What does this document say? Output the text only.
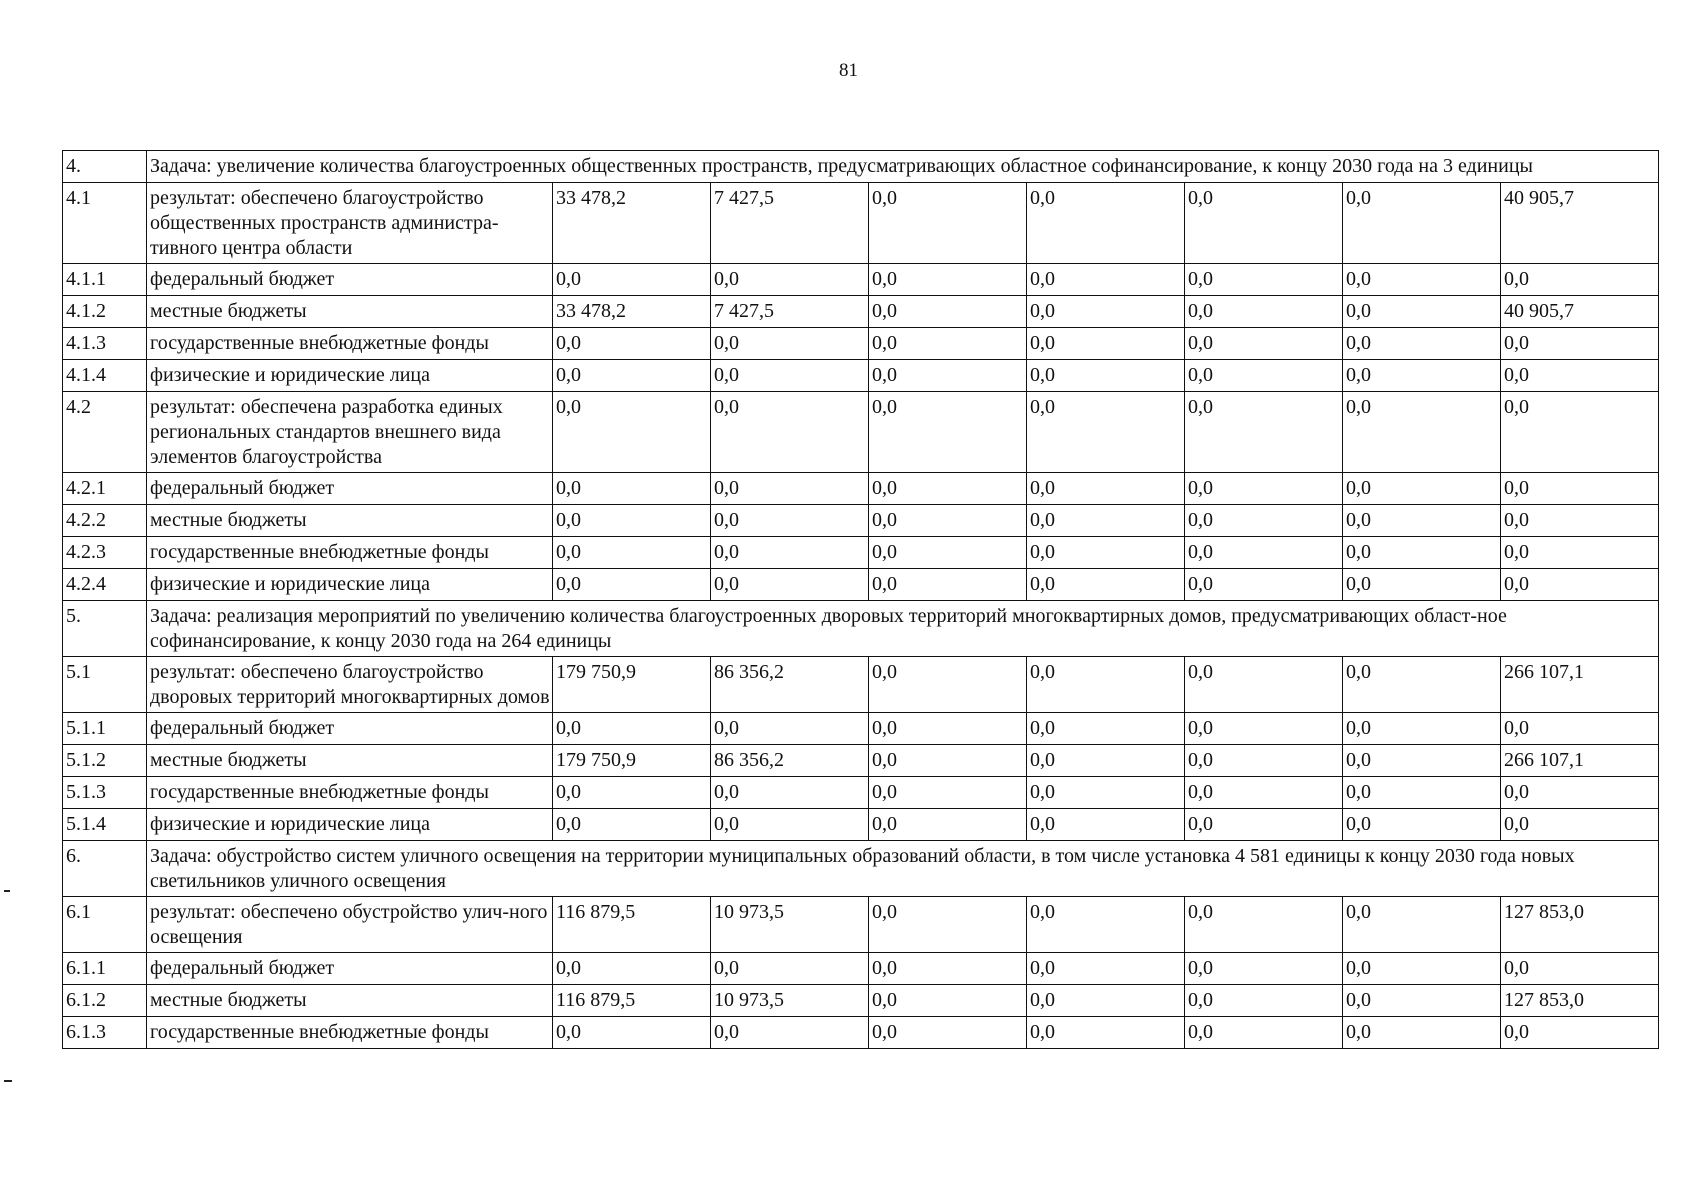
81
4.	Задача: увеличение количества благоустроенных общественных пространств, предусматривающих областное софинансирование, к концу 2030 года на 3 единицы							
4.1	результат: обеспечено благоустройство общественных пространств администра-тивного центра области	33 478,2	7 427,5	0,0	0,0	0,0	0,0	40 905,7
4.1.1	федеральный бюджет	0,0	0,0	0,0	0,0	0,0	0,0	0,0
4.1.2	местные бюджеты	33 478,2	7 427,5	0,0	0,0	0,0	0,0	40 905,7
4.1.3	государственные внебюджетные фонды	0,0	0,0	0,0	0,0	0,0	0,0	0,0
4.1.4	физические и юридические лица	0,0	0,0	0,0	0,0	0,0	0,0	0,0
4.2	результат: обеспечена разработка единых региональных стандартов внешнего вида элементов благоустройства	0,0	0,0	0,0	0,0	0,0	0,0	0,0
4.2.1	федеральный бюджет	0,0	0,0	0,0	0,0	0,0	0,0	0,0
4.2.2	местные бюджеты	0,0	0,0	0,0	0,0	0,0	0,0	0,0
4.2.3	государственные внебюджетные фонды	0,0	0,0	0,0	0,0	0,0	0,0	0,0
4.2.4	физические и юридические лица	0,0	0,0	0,0	0,0	0,0	0,0	0,0
5.	Задача: реализация мероприятий по увеличению количества благоустроенных дворовых территорий многоквартирных домов, предусматривающих област-ное софинансирование, к концу 2030 года на 264 единицы							
5.1	результат: обеспечено благоустройство дворовых территорий многоквартирных домов	179 750,9	86 356,2	0,0	0,0	0,0	0,0	266 107,1
5.1.1	федеральный бюджет	0,0	0,0	0,0	0,0	0,0	0,0	0,0
5.1.2	местные бюджеты	179 750,9	86 356,2	0,0	0,0	0,0	0,0	266 107,1
5.1.3	государственные внебюджетные фонды	0,0	0,0	0,0	0,0	0,0	0,0	0,0
5.1.4	физические и юридические лица	0,0	0,0	0,0	0,0	0,0	0,0	0,0
6.	Задача: обустройство систем уличного освещения на территории муниципальных образований области, в том числе установка 4 581 единицы к концу 2030 года новых светильников уличного освещения							
6.1	результат: обеспечено обустройство улич-ного освещения	116 879,5	10 973,5	0,0	0,0	0,0	0,0	127 853,0
6.1.1	федеральный бюджет	0,0	0,0	0,0	0,0	0,0	0,0	0,0
6.1.2	местные бюджеты	116 879,5	10 973,5	0,0	0,0	0,0	0,0	127 853,0
6.1.3	государственные внебюджетные фонды	0,0	0,0	0,0	0,0	0,0	0,0	0,0
